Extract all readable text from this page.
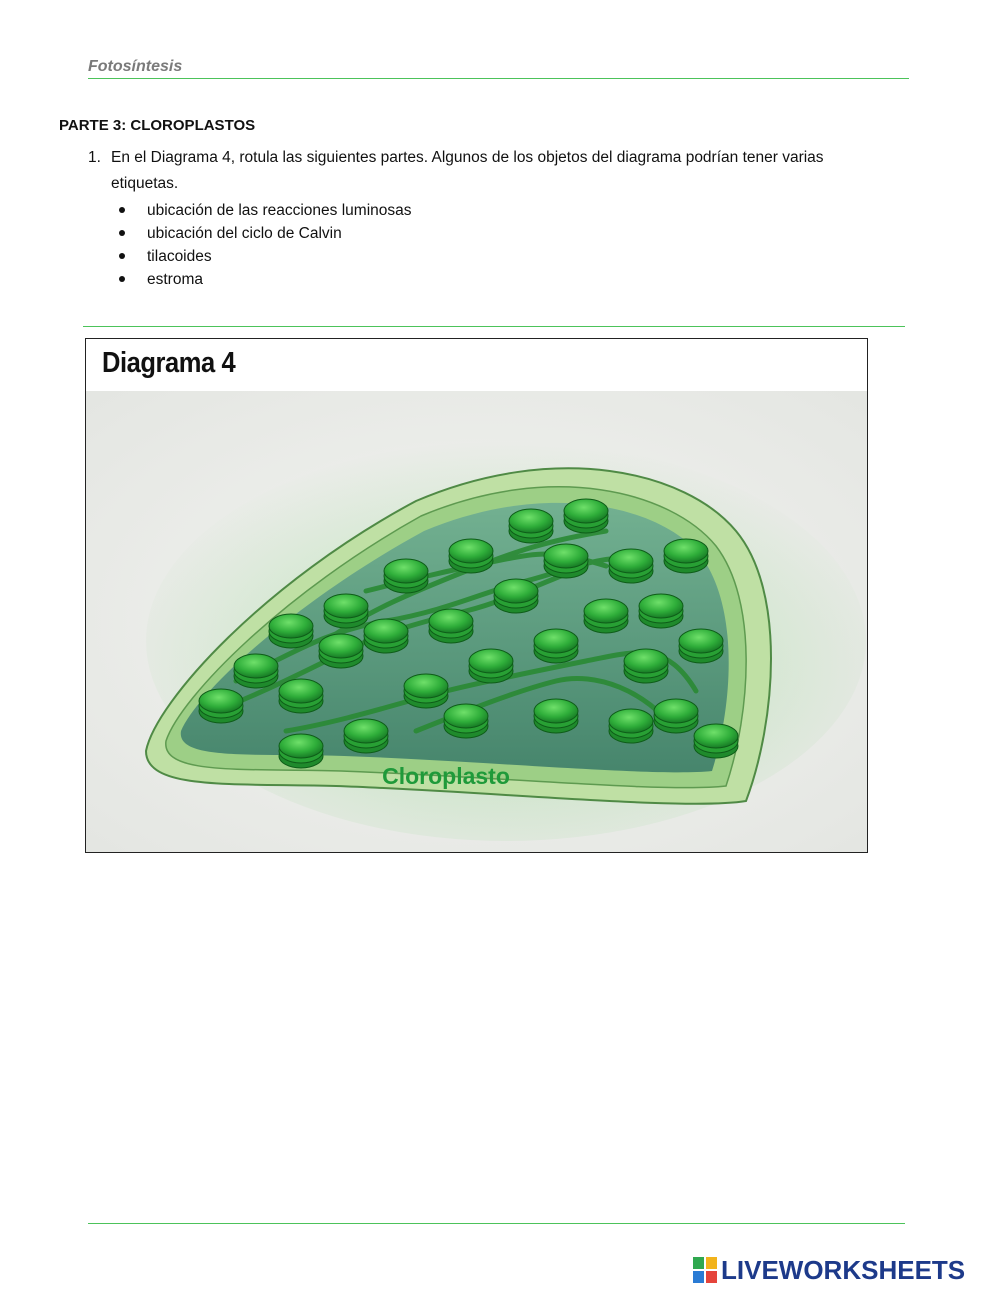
Fotosíntesis
PARTE 3: CLOROPLASTOS
1. En el Diagrama 4, rotula las siguientes partes. Algunos de los objetos del diagrama podrían tener varias etiquetas.
ubicación de las reacciones luminosas
ubicación del ciclo de Calvin
tilacoides
estroma
Diagrama 4
Cloroplasto
LIVEWORKSHEETS
